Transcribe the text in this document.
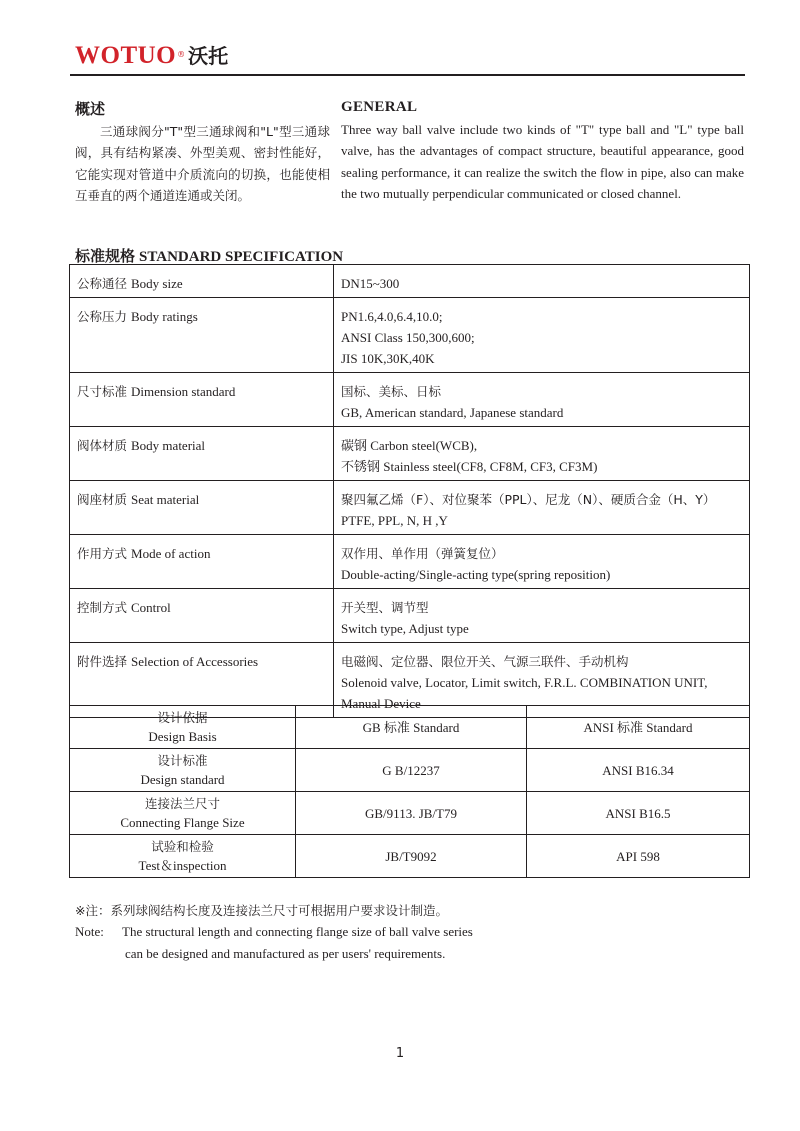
WOTUO® 沃托
概述

三通球阀分"T"型三通球阀和"L"型三通球阀，具有结构紧凑、外型美观、密封性能好，它能实现对管道中介质流向的切换，也能使相互垂直的两个通道连通或关闭。

GENERAL

Three way ball valve include two kinds of "T" type ball and "L" type ball valve, has the advantages of compact structure, beautiful appearance, good sealing performance, it can realize the switch the flow in pipe, also can make the two mutually perpendicular communicated or closed channel.

标准规格 STANDARD SPECIFICATION
公称通径 Body size	DN15~300

公称压力 Body ratings	PN1.6,4.0,6.4,10.0;
ANSI Class 150,300,600;
JIS 10K,30K,40K

尺寸标准 Dimension standard	国标、美标、日标
GB, American standard, Japanese standard

阀体材质 Body material	碳钢 Carbon steel(WCB),
不锈钢 Stainless steel(CF8, CF8M, CF3, CF3M)

阀座材质 Seat material	聚四氟乙烯（F）、对位聚苯（PPL）、尼龙（N）、硬质合金（H、Y）
PTFE, PPL, N, H ,Y

作用方式 Mode of action	双作用、单作用（弹簧复位）
Double-acting/Single-acting type(spring reposition)

控制方式 Control	开关型、调节型
Switch type, Adjust type

附件选择 Selection of Accessories	电磁阀、定位器、限位开关、气源三联件、手动机构
Solenoid valve, Locator, Limit switch, F.R.L. COMBINATION UNIT, Manual Device
设计依据
Design Basis	GB 标准 Standard	ANSI 标准 Standard

设计标准
Design standard	G B/12237	ANSI B16.34

连接法兰尺寸
Connecting Flange Size	GB/9113. JB/T79	ANSI B16.5

试验和检验
Test＆inspection	JB/T9092	API 598
※注：系列球阀结构长度及连接法兰尺寸可根据用户要求设计制造。
Note: The structural length and connecting flange size of ball valve series
can be designed and manufactured as per users' requirements.
1
